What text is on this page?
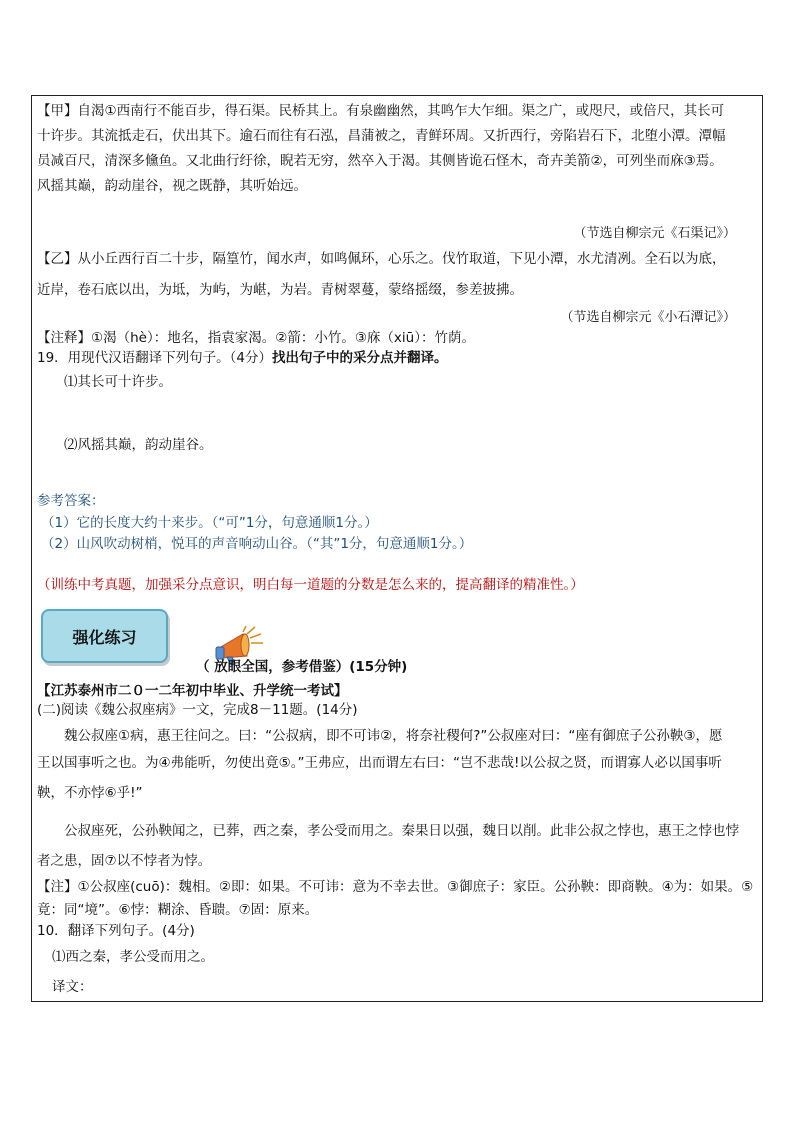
【甲】自渴①西南行不能百步，得石渠。民桥其上。有泉幽幽然，其鸣乍大乍细。渠之广，或咫尺，或倍尺，其长可
十许步。其流抵走石，伏出其下。逾石而往有石泓，昌蒲被之，青鲜环周。又折西行，旁陷岩石下，北堕小潭。潭幅
员减百尺，清深多儵鱼。又北曲行纡徐，睨若无穷，然卒入于渴。其侧皆诡石怪木，奇卉美箭②，可列坐而庥③焉。
风摇其巅，韵动崖谷，视之既静，其听始远。
（节选自柳宗元《石渠记》）
【乙】从小丘西行百二十步，隔篁竹，闻水声，如鸣佩环，心乐之。伐竹取道，下见小潭，水尤清冽。全石以为底，
近岸，卷石底以出，为坻，为屿，为嵁，为岩。青树翠蔓，蒙络摇缀，参差披拂。
（节选自柳宗元《小石潭记》）
【注释】①渴（hè）：地名，指袁家渴。②箭：小竹。③庥（xiū）：竹荫。
19．用现代汉语翻译下列句子。（4分）找出句子中的采分点并翻译。
⑴其长可十许步。
⑵风摇其巅，韵动崖谷。
参考答案：
（1）它的长度大约十来步。（“可”1分，句意通顺1分。）
（2）山风吹动树梢，悦耳的声音响动山谷。（“其”1分，句意通顺1分。）
（训练中考真题，加强采分点意识，明白每一道题的分数是怎么来的，提高翻译的精准性。）
强化练习
（ 放眼全国，参考借鉴）(15分钟)
【江苏泰州市二０一二年初中毕业、升学统一考试】
(二)阅读《魏公叔座病》一文，完成8－11题。(14分)
魏公叔座①病，惠王往问之。曰：“公叔病，即不可讳②，将奈社稷何?”公叔座对曰：“座有御庶子公孙鞅③，愿
王以国事听之也。为④弗能听，勿使出竟⑤。”王弗应，出而谓左右曰：“岂不悲哉!以公叔之贤，而谓寡人必以国事听
鞅，不亦悖⑥乎!”
公叔座死，公孙鞅闻之，已葬，西之秦，孝公受而用之。秦果日以强，魏日以削。此非公叔之悖也，惠王之悖也悖
者之患，固⑦以不悖者为悖。
【注】①公叔座(cuō)：魏相。②即：如果。不可讳：意为不幸去世。③御庶子：家臣。公孙鞅：即商鞅。④为：如果。⑤
竟：同“境”。⑥悖：糊涂、昏聩。⑦固：原来。
10．翻译下列句子。(4分)
⑴西之秦，孝公受而用之。
译文：
